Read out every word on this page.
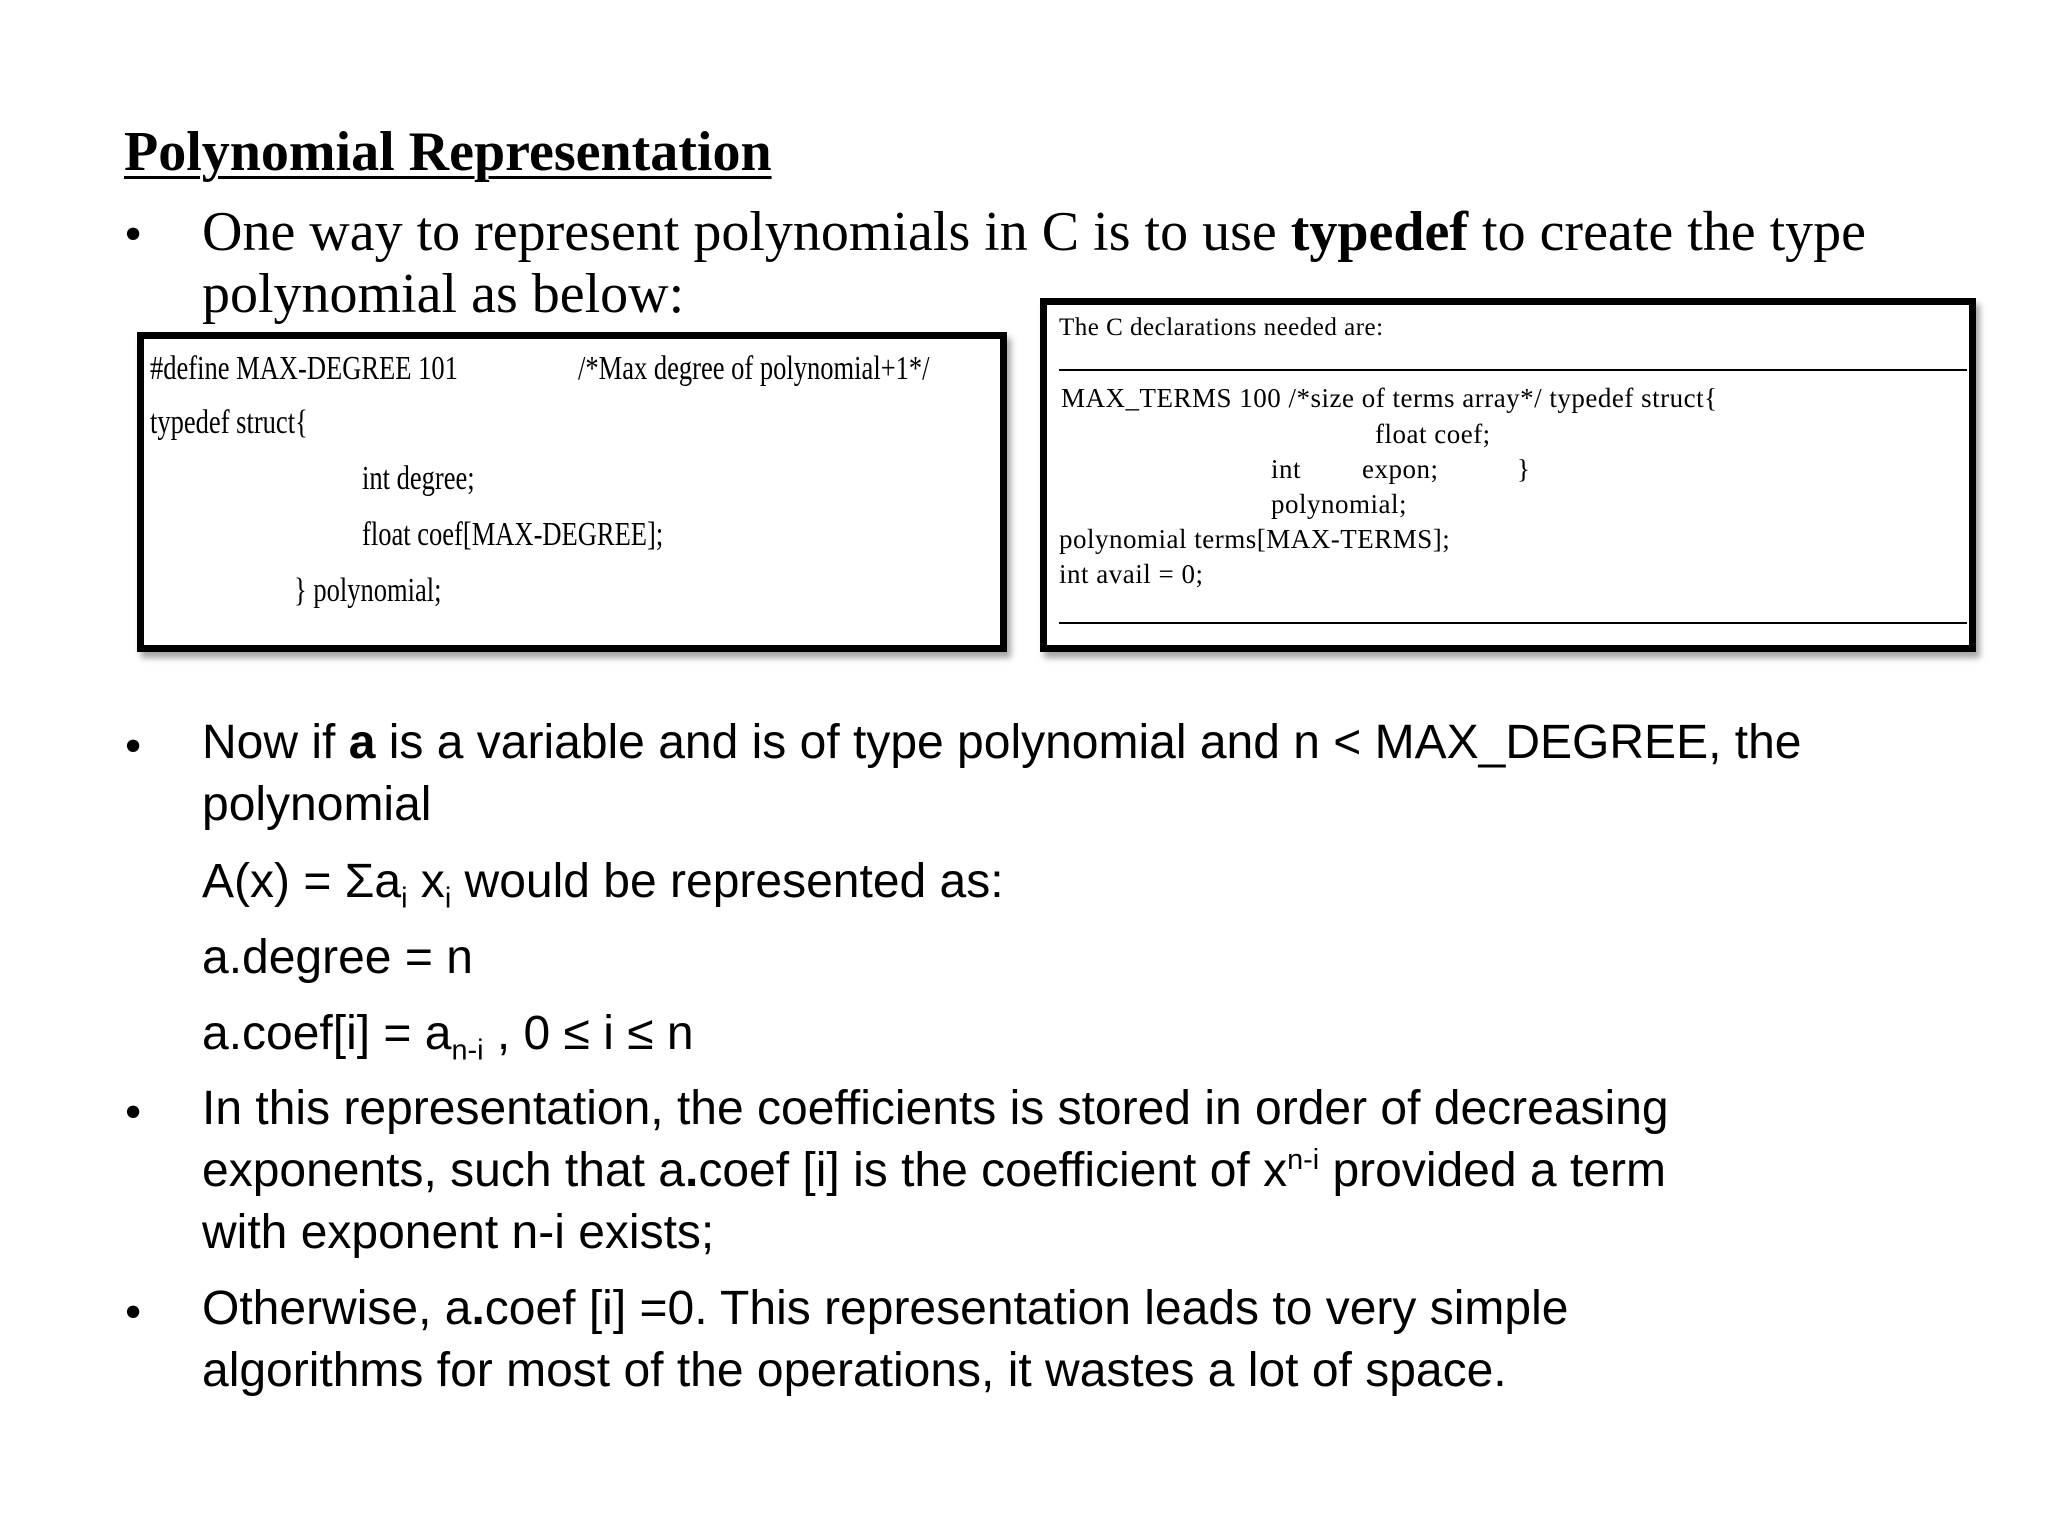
Polynomial Representation
• One way to represent polynomials in C is to use typedef to create the type
polynomial as below:
#define MAX-DEGREE 101	/*Max degree of polynomial+1*/
typedef struct{
int degree;
float coef[MAX-DEGREE];
} polynomial;
The C declarations needed are:
MAX_TERMS 100 /*size of terms array*/ typedef struct{
float coef;
int expon;	}
polynomial;
polynomial terms[MAX-TERMS];
int avail = 0;
• Now if a is a variable and is of type polynomial and n < MAX_DEGREE, the
polynomial
$A(x) = \Sigma a_i$ $x_i$ would be represented as:
a.degree = n
a.coef[i] = $a_{n-i}$ , 0 ≤ i ≤ n
• In this representation, the coefficients is stored in order of decreasing
exponents, such that a.coef [i] is the coefficient of $x^{n-i}$ provided a term
with exponent n-i exists;
• Otherwise, a.coef [i] =0. This representation leads to very simple
algorithms for most of the operations, it wastes a lot of space.
